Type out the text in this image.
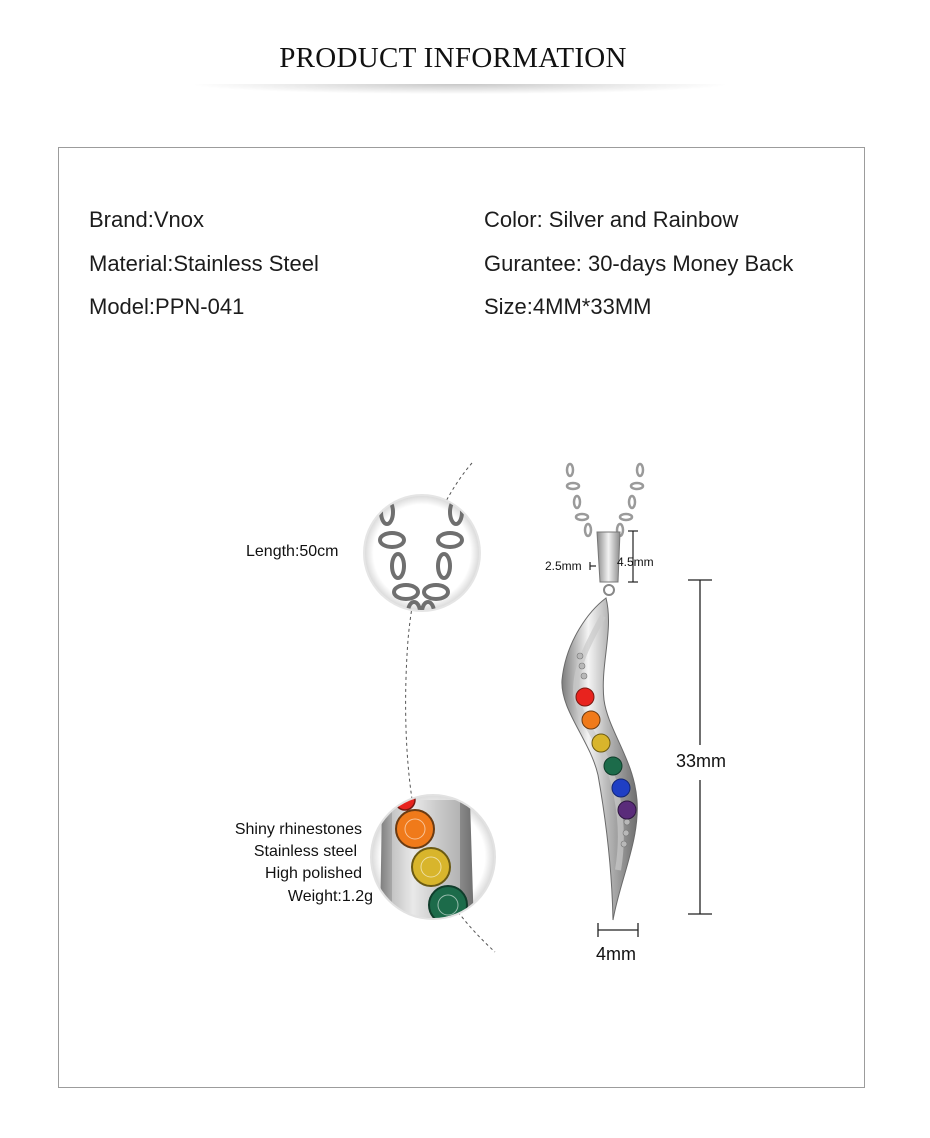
PRODUCT INFORMATION
Brand:Vnox
Material:Stainless Steel
Model:PPN-041
Color: Silver and Rainbow
Gurantee: 30-days Money Back
Size:4MM*33MM
Length:50cm
Shiny rhinestones
Stainless steel
High polished
Weight:1.2g
2.5mm	4.5mm
33mm
4mm
